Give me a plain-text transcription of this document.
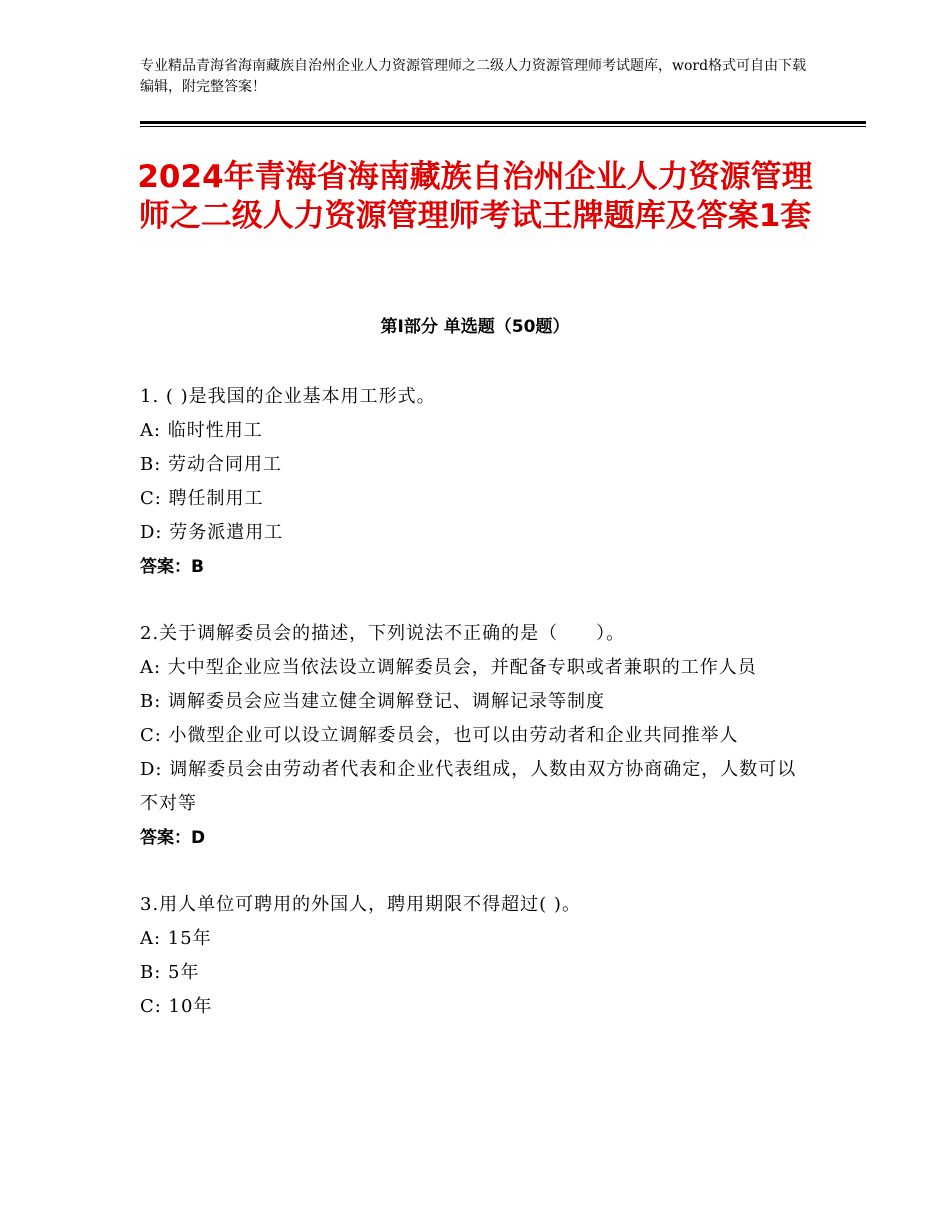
专业精品青海省海南藏族自治州企业人力资源管理师之二级人力资源管理师考试题库，word格式可自由下载编辑，附完整答案！
2024年青海省海南藏族自治州企业人力资源管理师之二级人力资源管理师考试王牌题库及答案1套
第I部分 单选题（50题）
1. ( )是我国的企业基本用工形式。
A: 临时性用工
B: 劳动合同用工
C: 聘任制用工
D: 劳务派遣用工
答案：B
2.关于调解委员会的描述，下列说法不正确的是（　　）。
A: 大中型企业应当依法设立调解委员会，并配备专职或者兼职的工作人员
B: 调解委员会应当建立健全调解登记、调解记录等制度
C: 小微型企业可以设立调解委员会，也可以由劳动者和企业共同推举人
D: 调解委员会由劳动者代表和企业代表组成，人数由双方协商确定，人数可以不对等
答案：D
3.用人单位可聘用的外国人，聘用期限不得超过( )。
A: 15年
B: 5年
C: 10年
